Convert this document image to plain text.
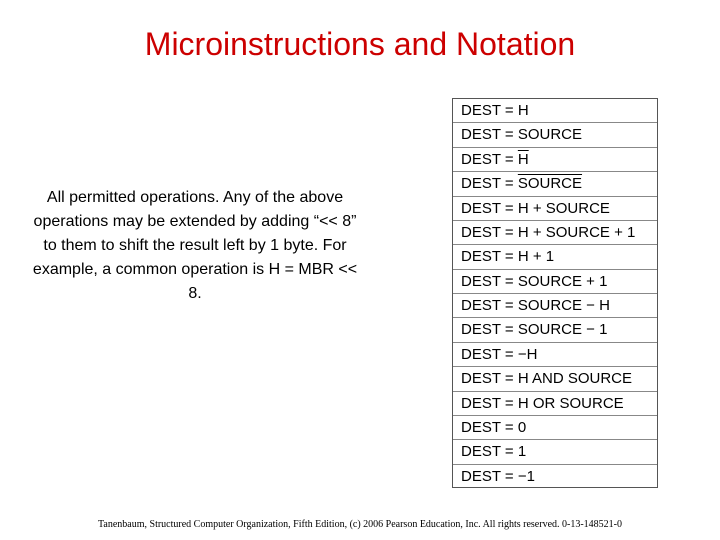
Microinstructions and Notation
All permitted operations. Any of the above operations may be extended by adding “<< 8” to them to shift the result left by 1 byte. For example, a common operation is H = MBR << 8.
DEST = H
DEST = SOURCE
DEST = $\overline{H}$
DEST = SOURCE
DEST = H + SOURCE
DEST = H + SOURCE + 1
DEST = H + 1
DEST = SOURCE + 1
DEST = SOURCE − H
DEST = SOURCE − 1
DEST = −H
DEST = H AND SOURCE
DEST = H OR SOURCE
DEST = 0
DEST = 1
DEST = −1
Tanenbaum, Structured Computer Organization, Fifth Edition, (c) 2006 Pearson Education, Inc. All rights reserved. 0-13-148521-0
